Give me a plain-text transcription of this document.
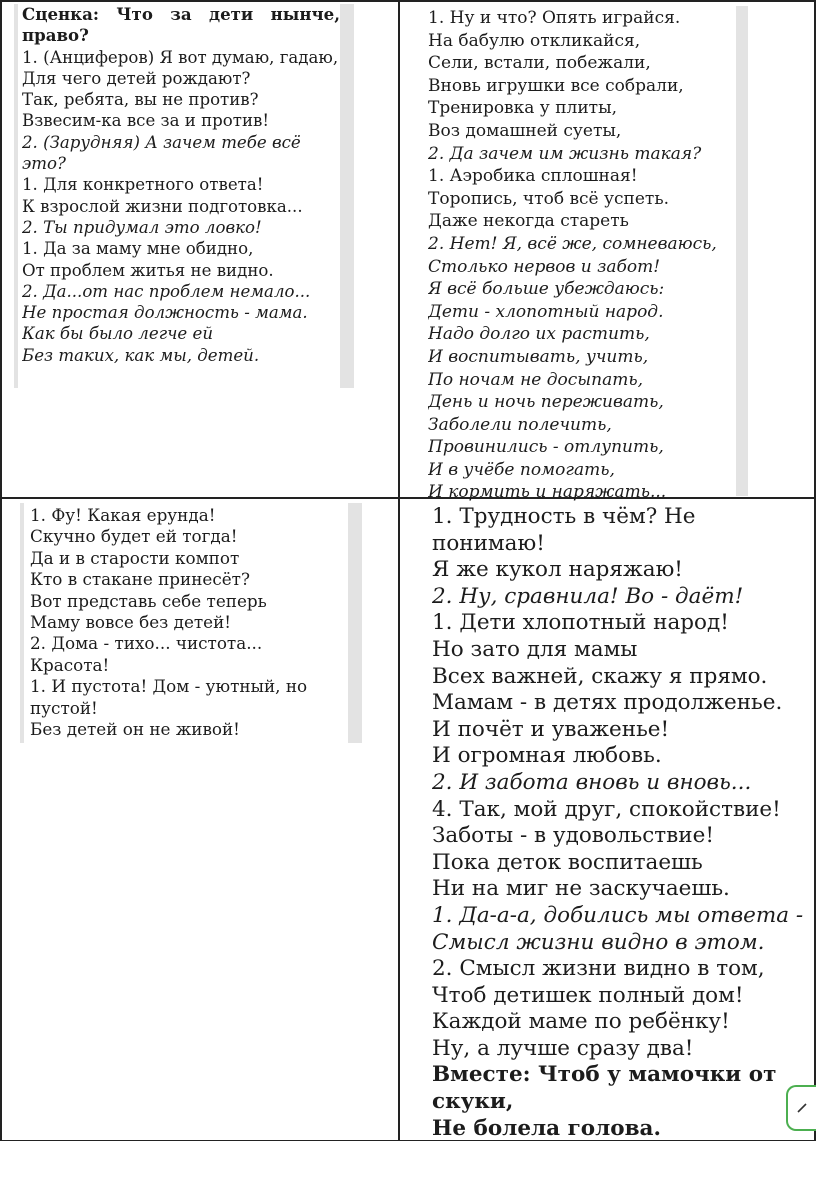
Сценка: Что за дети нынче, право?
1. (Анциферов) Я вот думаю, гадаю,
Для чего детей рождают?
Так, ребята, вы не против?
Взвесим-ка все за и против!
2. (Зарудняя) А зачем тебе всё это?
1. Для конкретного ответа!
К взрослой жизни подготовка...
2. Ты придумал это ловко!
1. Да за маму мне обидно,
От проблем житья не видно.
2. Да...от нас проблем немало...
Не простая должность - мама.
Как бы было легче ей
Без таких, как мы, детей.
1. Ну и что? Опять играйся.
На бабулю откликайся,
Сели, встали, побежали,
Вновь игрушки все собрали,
Тренировка у плиты,
Воз домашней суеты,
2. Да зачем им жизнь такая?
1. Аэробика сплошная!
Торопись, чтоб всё успеть.
Даже некогда стареть
2. Нет! Я, всё же, сомневаюсь,
Столько нервов и забот!
Я всё больше убеждаюсь:
Дети - хлопотный народ.
Надо долго их растить,
И воспитывать, учить,
По ночам не досыпать,
День и ночь переживать,
Заболели полечить,
Провинились - отлупить,
И в учёбе помогать,
И кормить и наряжать...
1. Фу! Какая ерунда!
Скучно будет ей тогда!
Да и в старости компот
Кто в стакане принесёт?
Вот представь себе теперь
Маму вовсе без детей!
2. Дома - тихо... чистота...
Красота!
1. И пустота! Дом - уютный, но пустой!
Без детей он не живой!
1. Трудность в чём? Не понимаю!
Я же кукол наряжаю!
2. Ну, сравнила! Во - даёт!
1. Дети хлопотный народ!
Но зато для мамы
Всех важней, скажу я прямо.
Мамам - в детях продолженье.
И почёт и уваженье!
И огромная любовь.
2. И забота вновь и вновь...
4. Так, мой друг, спокойствие!
Заботы - в удовольствие!
Пока деток воспитаешь
Ни на миг не заскучаешь.
1. Да-а-а, добились мы ответа - Смысл жизни видно в этом.
2. Смысл жизни видно в том,
Чтоб детишек полный дом!
Каждой маме по ребёнку!
Ну, а лучше сразу два!
Вместе: Чтоб у мамочки от скуки,
Не болела голова.
